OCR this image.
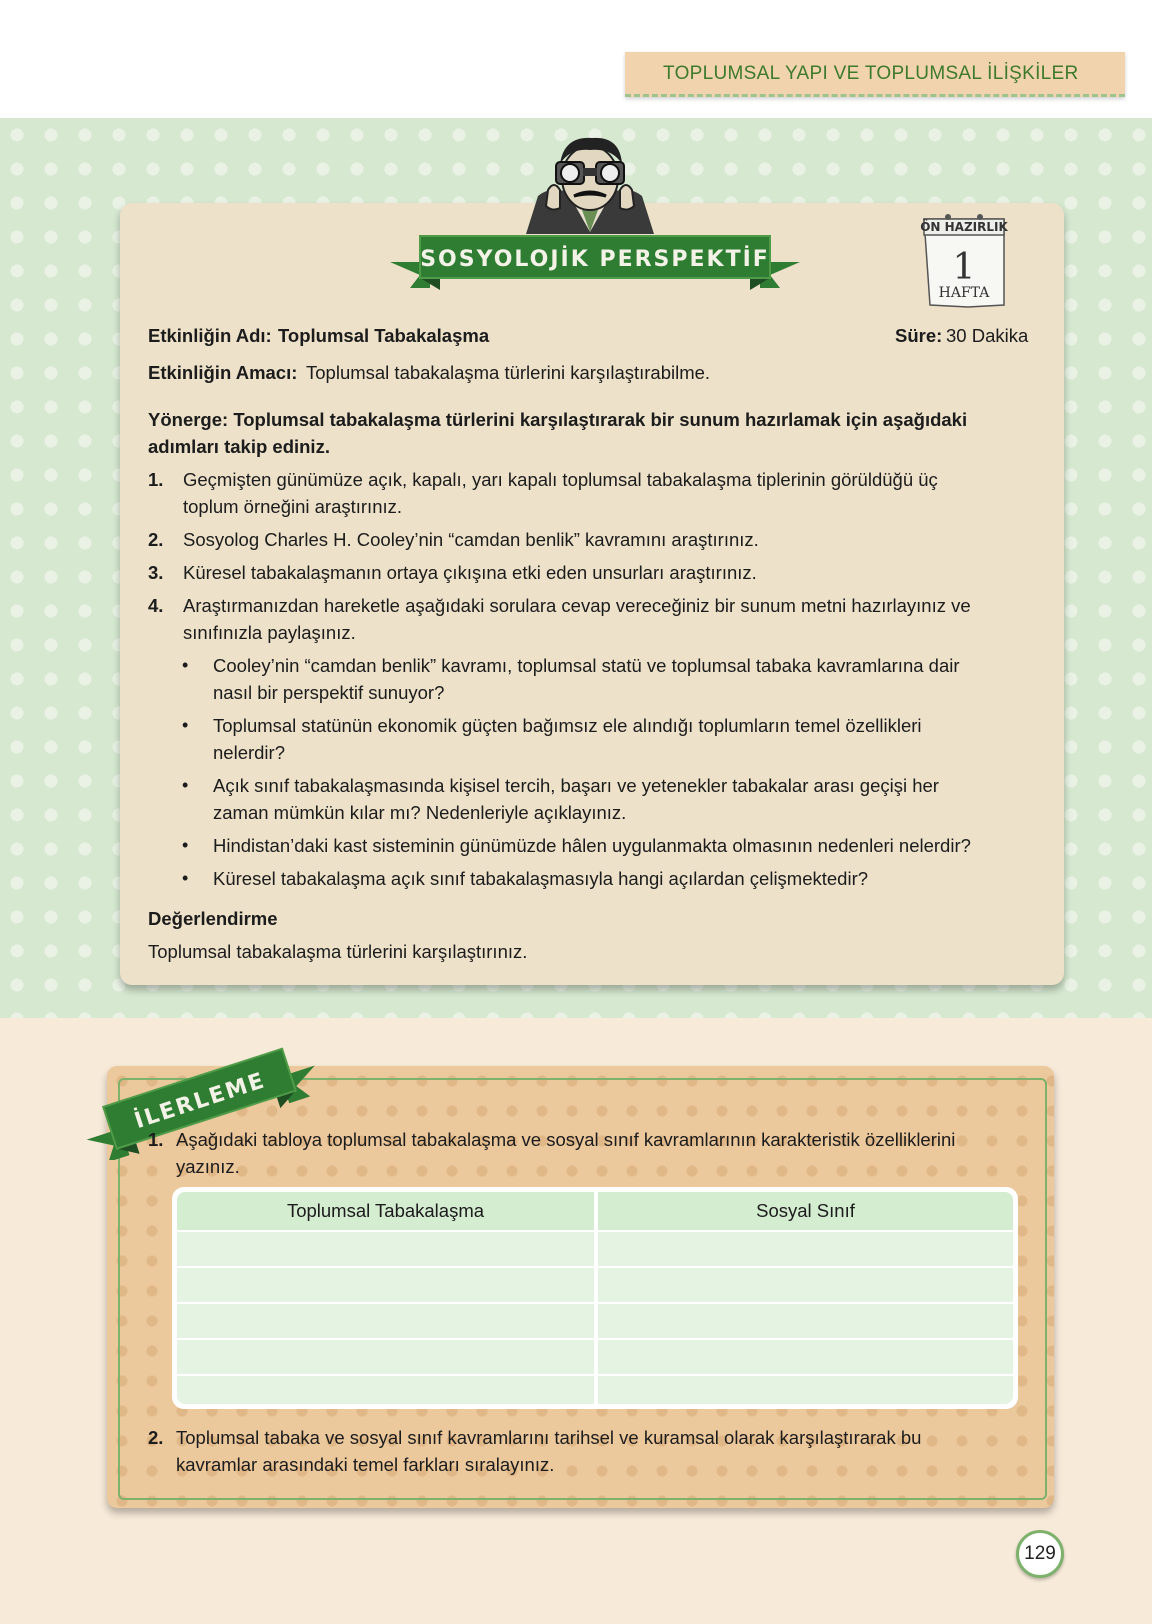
TOPLUMSAL YAPI VE TOPLUMSAL İLİŞKİLER
SOSYOLOJİK PERSPEKTİF
ÖN HAZIRLIK
1
HAFTA
Etkinliğin Adı: Toplumsal Tabakalaşma	Süre: 30 Dakika
Etkinliğin Amacı: Toplumsal tabakalaşma türlerini karşılaştırabilme.
Yönerge: Toplumsal tabakalaşma türlerini karşılaştırarak bir sunum hazırlamak için aşağıdaki
adımları takip ediniz.
1. Geçmişten günümüze açık, kapalı, yarı kapalı toplumsal tabakalaşma tiplerinin görüldüğü üç
toplum örneğini araştırınız.
2. Sosyolog Charles H. Cooley’nin “camdan benlik” kavramını araştırınız.
3. Küresel tabakalaşmanın ortaya çıkışına etki eden unsurları araştırınız.
4. Araştırmanızdan hareketle aşağıdaki sorulara cevap vereceğiniz bir sunum metni hazırlayınız ve
sınıfınızla paylaşınız.
• Cooley’nin “camdan benlik” kavramı, toplumsal statü ve toplumsal tabaka kavramlarına dair
nasıl bir perspektif sunuyor?
• Toplumsal statünün ekonomik güçten bağımsız ele alındığı toplumların temel özellikleri
nelerdir?
• Açık sınıf tabakalaşmasında kişisel tercih, başarı ve yetenekler tabakalar arası geçişi her
zaman mümkün kılar mı? Nedenleriyle açıklayınız.
• Hindistan’daki kast sisteminin günümüzde hâlen uygulanmakta olmasının nedenleri nelerdir?
• Küresel tabakalaşma açık sınıf tabakalaşmasıyla hangi açılardan çelişmektedir?
Değerlendirme
Toplumsal tabakalaşma türlerini karşılaştırınız.
İLERLEME
1. Aşağıdaki tabloya toplumsal tabakalaşma ve sosyal sınıf kavramlarının karakteristik özelliklerini
yazınız.
Toplumsal Tabakalaşma	Sosyal Sınıf
2. Toplumsal tabaka ve sosyal sınıf kavramlarını tarihsel ve kuramsal olarak karşılaştırarak bu
kavramlar arasındaki temel farkları sıralayınız.
129
